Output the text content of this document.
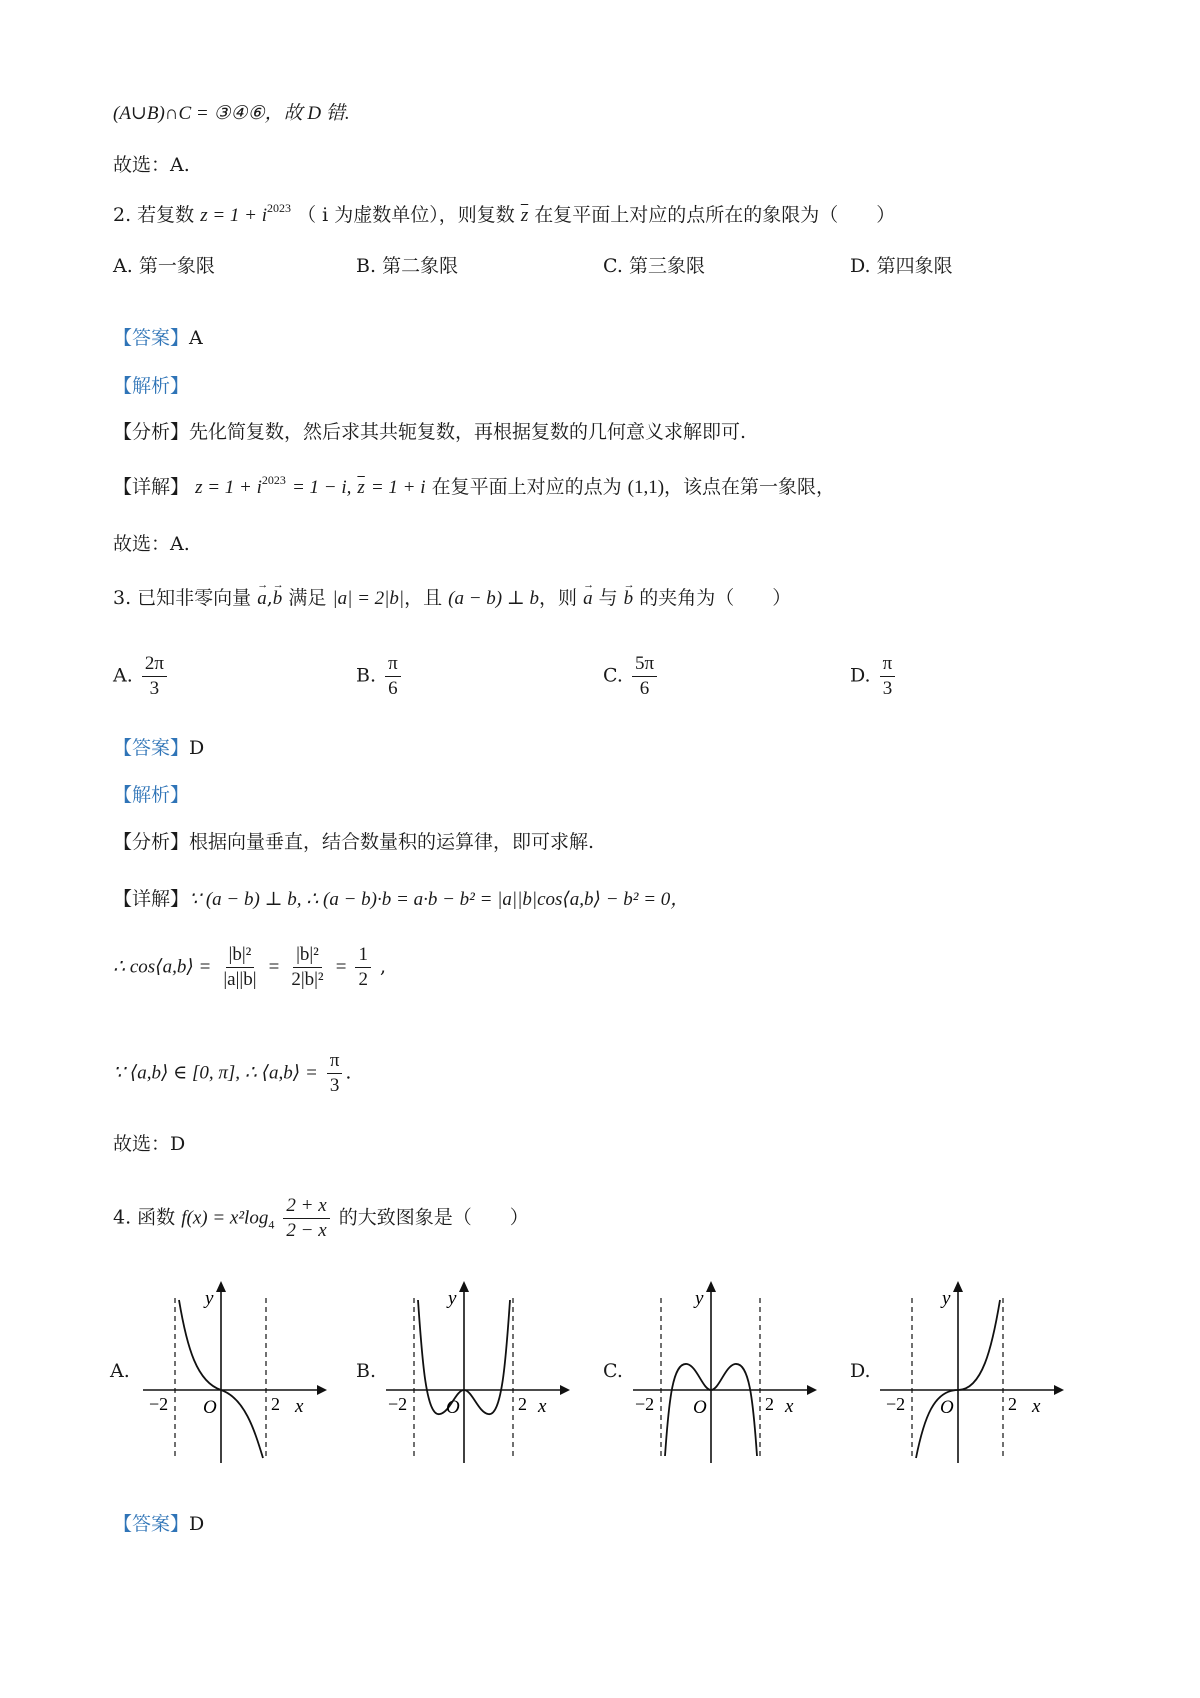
(A∪B)∩C = ③④⑥，故 D 错.
故选：A.
2. 若复数 $z = 1 + i^{2023}$ （ i 为虚数单位），则复数 $\overline{z}$ 在复平面上对应的点所在的象限为（　　）
A. 第一象限	B. 第二象限	C. 第三象限	D. 第四象限
【答案】A
【解析】
【分析】先化简复数，然后求其共轭复数，再根据复数的几何意义求解即可.
【详解】 $z = 1 + i^{2023} = 1 - i$, $\overline{z} = 1 + i$ 在复平面上对应的点为 (1,1)，该点在第一象限，
故选：A.
3. 已知非零向量 → a,→ b 满足 |a| = 2|b|，且 (a − b) ⊥ b，则 → a 与 → b 的夹角为（　　）
A. $\frac{2\pi}{3}$	B. $\frac{\pi}{6}$	C. $\frac{5\pi}{6}$	D. $\frac{\pi}{3}$
【答案】D
【解析】
【分析】根据向量垂直，结合数量积的运算律，即可求解.
【详解】∵ (a − b) ⊥ b, ∴ (a − b)·b = a·b − b² = |a||b|cos⟨a,b⟩ − b² = 0，
∴ cos⟨a,b⟩ = $\frac{\text{|b|²}}{|a||b|} = \frac{\text{|b|²}}{\text{2|b|²}} = \frac{1}{2}$ ,
∵ ⟨a,b⟩ ∈ [0, π], ∴ ⟨a,b⟩ = $\frac{\pi}{3}$ .
故选：D
4. 函数 $f(x) = x^2\log_4 \frac{2 + x}{2 - x}$ 的大致图象是（　　）
A.	B.	C.	D.
y
−2 O	2 x
y
−2 O	2 x
y
−2 O	2 x
y
−2 O	2 x
【答案】D
